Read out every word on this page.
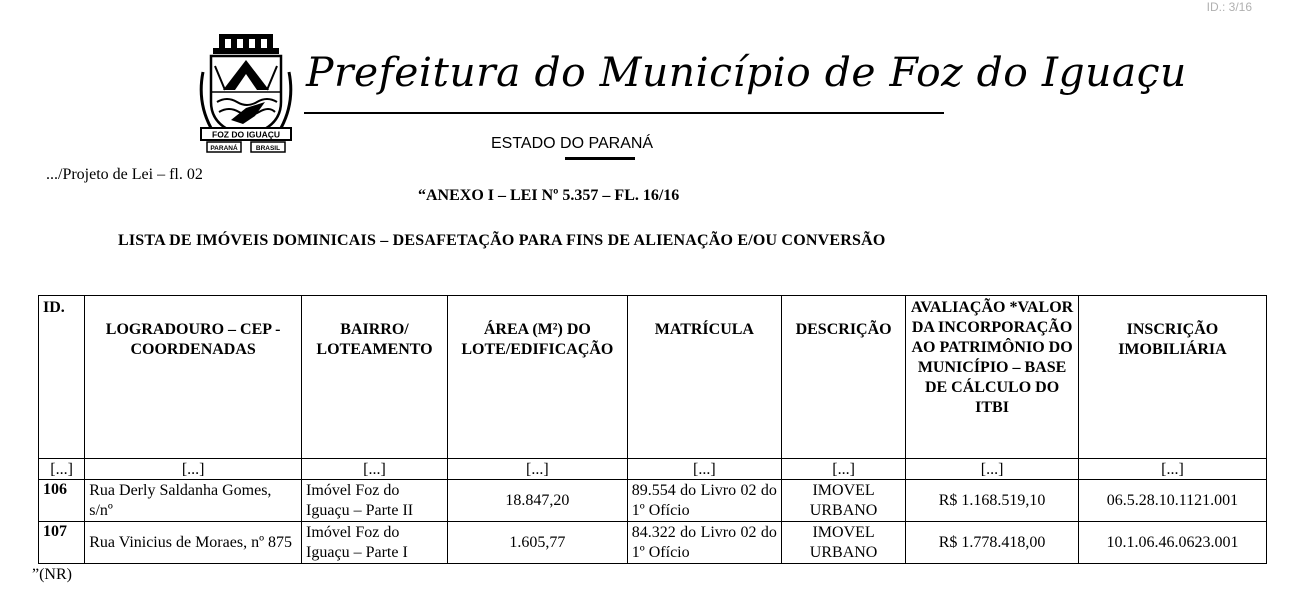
ID.: 3/16
FOZ DO IGUAÇU
PARANÁ	BRASIL
Prefeitura do Município de Foz do Iguaçu
ESTADO DO PARANÁ
.../Projeto de Lei – fl. 02
“ANEXO I – LEI Nº 5.357 – FL. 16/16
LISTA DE IMÓVEIS DOMINICAIS – DESAFETAÇÃO PARA FINS DE ALIENAÇÃO E/OU CONVERSÃO
ID.	LOGRADOURO – CEP - COORDENADAS	BAIRRO/ LOTEAMENTO	ÁREA (M²) DO LOTE/EDIFICAÇÃO	MATRÍCULA	DESCRIÇÃO	AVALIAÇÃO *VALOR DA INCORPORAÇÃO AO PATRIMÔNIO DO MUNICÍPIO – BASE DE CÁLCULO DO ITBI	INSCRIÇÃO IMOBILIÁRIA
[...]	[...]	[...]	[...]	[...]	[...]	[...]	[...]
106	Rua Derly Saldanha Gomes, s/nº	Imóvel Foz do Iguaçu – Parte II	18.847,20	89.554 do Livro 02 do 1º Ofício	IMOVEL URBANO	R$ 1.168.519,10	06.5.28.10.1121.001
107	Rua Vinicius de Moraes, nº 875	Imóvel Foz do Iguaçu – Parte I	1.605,77	84.322 do Livro 02 do 1º Ofício	IMOVEL URBANO	R$ 1.778.418,00	10.1.06.46.0623.001
”(NR)
